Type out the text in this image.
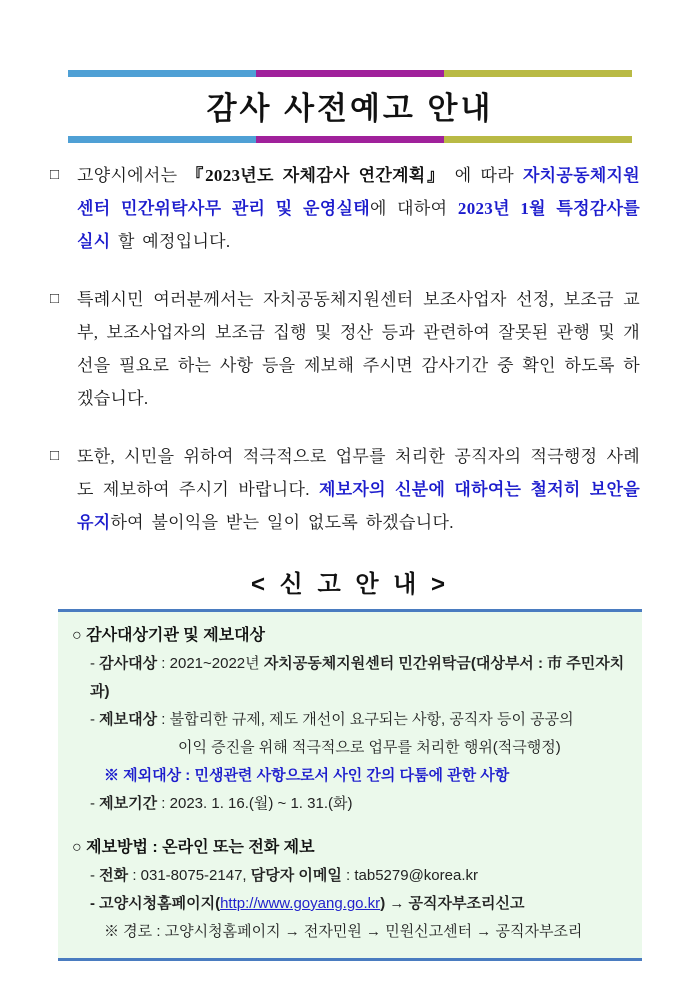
감사 사전예고 안내
□	고양시에서는 『2023년도 자체감사 연간계획』 에 따라 자치공동체지원 센터 민간위탁사무 관리 및 운영실태에 대하여 2023년 1월 특정감사를 실시 할 예정입니다.

□	특례시민 여러분께서는 자치공동체지원센터 보조사업자 선정, 보조금 교부, 보조사업자의 보조금 집행 및 정산 등과 관련하여 잘못된 관행 및 개선을 필요로 하는 사항 등을 제보해 주시면 감사기간 중 확인 하도록 하겠습니다.

□	또한, 시민을 위하여 적극적으로 업무를 처리한 공직자의 적극행정 사례도 제보하여 주시기 바랍니다. 제보자의 신분에 대하여는 철저히 보안을 유지하여 불이익을 받는 일이 없도록 하겠습니다.

< 신 고 안 내 >
○ 감사대상기관 및 제보대상
- 감사대상 : 2021~2022년 자치공동체지원센터 민간위탁금(대상부서 : 市 주민자치과)
- 제보대상 : 불합리한 규제, 제도 개선이 요구되는 사항, 공직자 등이 공공의
이익 증진을 위해 적극적으로 업무를 처리한 행위(적극행정)
※ 제외대상 : 민생관련 사항으로서 사인 간의 다툼에 관한 사항
- 제보기간 : 2023. 1. 16.(월) ~ 1. 31.(화)
○ 제보방법 : 온라인 또는 전화 제보
- 전화 : 031-8075-2147, 담당자 이메일 : tab5279@korea.kr
- 고양시청홈페이지(http://www.goyang.go.kr) → 공직자부조리신고
※ 경로 : 고양시청홈페이지 → 전자민원 → 민원신고센터 → 공직자부조리
